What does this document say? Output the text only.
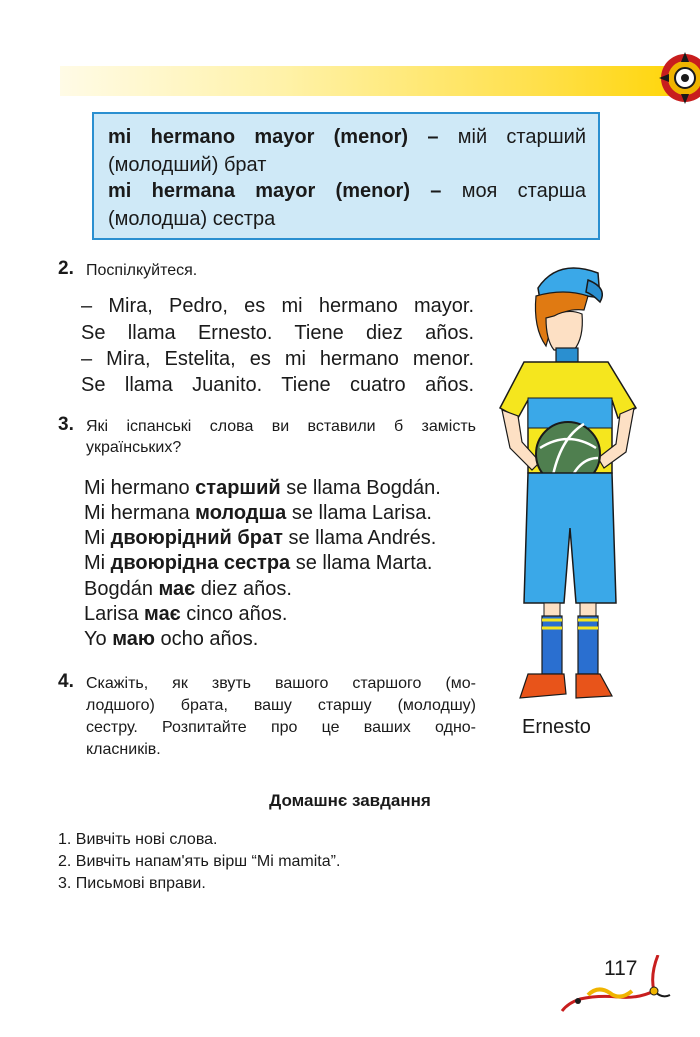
mi hermano mayor (menor) – мій старший
(молодший) брат
mi hermana mayor (menor) – моя старша
(молодша) сестра
2. Поспілкуйтеся.
– Mira, Pedro, es mi hermano mayor.
Se llama Ernesto. Tiene diez años.
– Mira, Estelita, es mi hermano menor.
Se llama Juanito. Tiene cuatro años.
3. Які іспанські слова ви вставили б замість
українських?
Mi hermano старший se llama Bogdán.
Mi hermana молодша se llama Larisa.
Mi двоюрідний брат se llama Andrés.
Mi двоюрідна сестра se llama Marta.
Bogdán має diez años.
Larisa має cinco años.
Yo маю ocho años.
4. Скажіть, як звуть вашого старшого (мо-
лодшого) брата, вашу старшу (молодшу)
сестру. Розпитайте про це ваших одно-
класників.
Ernesto
Домашнє завдання
1. Вивчіть нові слова.
2. Вивчіть напам'ять вірш “Mi mamita”.
3. Письмові вправи.
117
